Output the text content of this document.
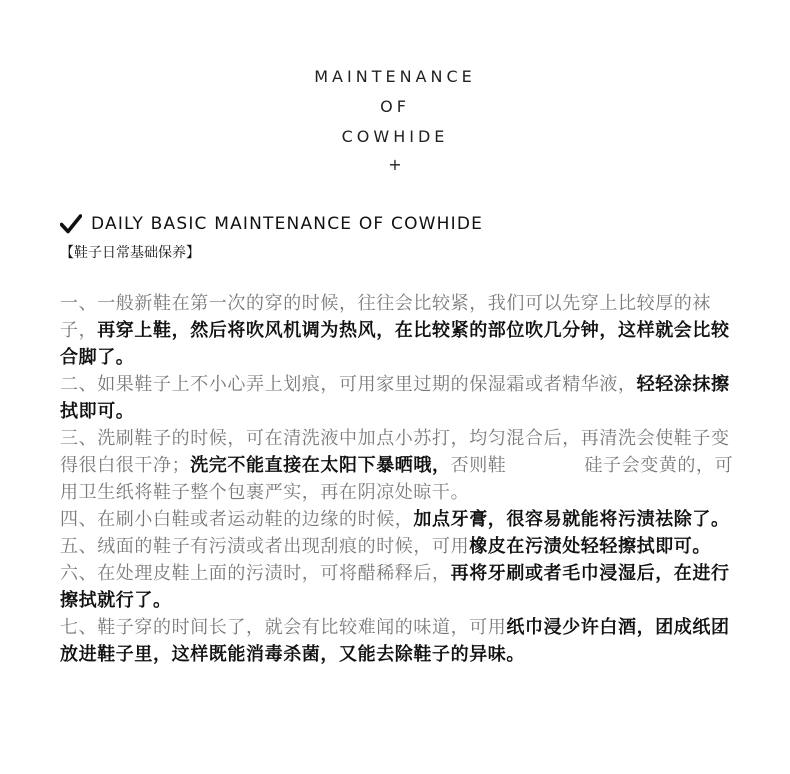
MAINTENANCE
OF
COWHIDE
+
DAILY BASIC MAINTENANCE OF COWHIDE
【鞋子日常基础保养】

一、一般新鞋在第一次的穿的时候，往往会比较紧，我们可以先穿上比较厚的袜子，再穿上鞋，然后将吹风机调为热风，在比较紧的部位吹几分钟，这样就会比较合脚了。

二、如果鞋子上不小心弄上划痕，可用家里过期的保湿霜或者精华液，轻轻涂抹擦拭即可。

三、洗刷鞋子的时候，可在清洗液中加点小苏打，均匀混合后，再清洗会使鞋子变得很白很干净；洗完不能直接在太阳下暴晒哦，否则鞋	硅子会变黄的，可用卫生纸将鞋子整个包裹严实，再在阴凉处晾干。

四、在刷小白鞋或者运动鞋的边缘的时候，加点牙膏，很容易就能将污渍祛除了。

五、绒面的鞋子有污渍或者出现刮痕的时候，可用橡皮在污渍处轻轻擦拭即可。

六、在处理皮鞋上面的污渍时，可将醋稀释后，再将牙刷或者毛巾浸湿后，在进行擦拭就行了。

七、鞋子穿的时间长了，就会有比较难闻的味道，可用纸巾浸少许白酒，团成纸团放进鞋子里，这样既能消毒杀菌，又能去除鞋子的异味。
